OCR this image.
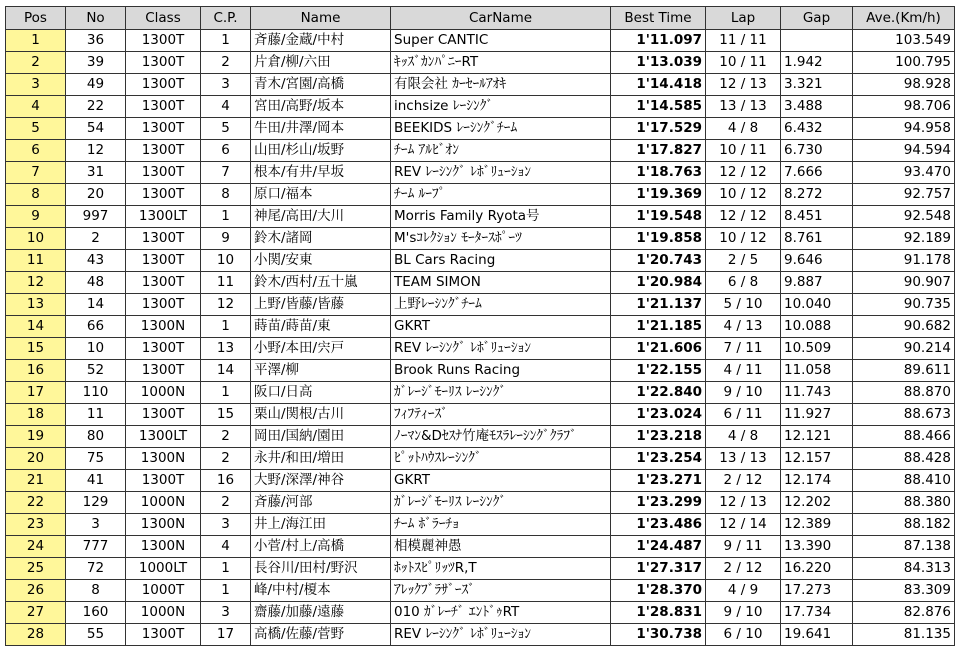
Pos	No	Class	C.P.	Name	CarName	Best Time	Lap	Gap	Ave.(Km/h)
1	36	1300T	1	斉藤/金蔵/中村	Super CANTIC	1'11.097	11 / 11		103.549
2	39	1300T	2	片倉/柳/六田	ｷｯｽﾞｶﾝﾊﾟﾆｰRT	1'13.039	10 / 11	1.942	100.795
3	49	1300T	3	青木/宮園/高橋	有限会社 ｶｰｾｰﾙｱｵｷ	1'14.418	12 / 13	3.321	98.928
4	22	1300T	4	宮田/高野/坂本	inchsize ﾚｰｼﾝｸﾞ	1'14.585	13 / 13	3.488	98.706
5	54	1300T	5	牛田/井澤/岡本	BEEKIDS ﾚｰｼﾝｸﾞﾁｰﾑ	1'17.529	4 / 8	6.432	94.958
6	12	1300T	6	山田/杉山/坂野	ﾁｰﾑ ｱﾙﾋﾞｵﾝ	1'17.827	10 / 11	6.730	94.594
7	31	1300T	7	根本/有井/早坂	REV ﾚｰｼﾝｸﾞ ﾚﾎﾞﾘｭｰｼｮﾝ	1'18.763	12 / 12	7.666	93.470
8	20	1300T	8	原口/福本	ﾁｰﾑ ﾙｰﾌﾟ	1'19.369	10 / 12	8.272	92.757
9	997	1300LT	1	神尾/高田/大川	Morris Family Ryota号	1'19.548	12 / 12	8.451	92.548
10	2	1300T	9	鈴木/諸岡	M'sｺﾚｸｼｮﾝ ﾓｰﾀｰｽﾎﾟｰﾂ	1'19.858	10 / 12	8.761	92.189
11	43	1300T	10	小関/安東	BL Cars Racing	1'20.743	2 / 5	9.646	91.178
12	48	1300T	11	鈴木/西村/五十嵐	TEAM SIMON	1'20.984	6 / 8	9.887	90.907
13	14	1300T	12	上野/皆藤/皆藤	上野ﾚｰｼﾝｸﾞﾁｰﾑ	1'21.137	5 / 10	10.040	90.735
14	66	1300N	1	蒔苗/蒔苗/東	GKRT	1'21.185	4 / 13	10.088	90.682
15	10	1300T	13	小野/本田/宍戸	REV ﾚｰｼﾝｸﾞ ﾚﾎﾞﾘｭｰｼｮﾝ	1'21.606	7 / 11	10.509	90.214
16	52	1300T	14	平澤/柳	Brook Runs Racing	1'22.155	4 / 11	11.058	89.611
17	110	1000N	1	阪口/日高	ｶﾞﾚｰｼﾞﾓｰﾘｽ ﾚｰｼﾝｸﾞ	1'22.840	9 / 10	11.743	88.870
18	11	1300T	15	栗山/関根/古川	ﾌｨﾌﾃｨｰｽﾞ	1'23.024	6 / 11	11.927	88.673
19	80	1300LT	2	岡田/国納/園田	ﾉｰﾏﾝ&Dｾｽﾅ竹庵ﾓｽﾗﾚｰｼﾝｸﾞｸﾗﾌﾞ	1'23.218	4 / 8	12.121	88.466
20	75	1300N	2	永井/和田/増田	ﾋﾟｯﾄﾊｳｽﾚｰｼﾝｸﾞ	1'23.254	13 / 13	12.157	88.428
21	41	1300T	16	大野/深澤/神谷	GKRT	1'23.271	2 / 12	12.174	88.410
22	129	1000N	2	斉藤/河部	ｶﾞﾚｰｼﾞﾓｰﾘｽ ﾚｰｼﾝｸﾞ	1'23.299	12 / 13	12.202	88.380
23	3	1300N	3	井上/海江田	ﾁｰﾑ ﾎﾞﾗｰﾁｮ	1'23.486	12 / 14	12.389	88.182
24	777	1300N	4	小菅/村上/高橋	相模麗神愚	1'24.487	9 / 11	13.390	87.138
25	72	1000LT	1	長谷川/田村/野沢	ﾎｯﾄｽﾋﾟﾘｯﾂR,T	1'27.317	2 / 12	16.220	84.313
26	8	1000T	1	峰/中村/榎本	ｱﾚｯｸﾌﾞﾗｻﾞｰｽﾞ	1'28.370	4 / 9	17.273	83.309
27	160	1000N	3	齋藤/加藤/遠藤	010 ｶﾞﾚｰﾁﾞ ｴﾝﾄﾞｩRT	1'28.831	9 / 10	17.734	82.876
28	55	1300T	17	高橋/佐藤/菅野	REV ﾚｰｼﾝｸﾞ ﾚﾎﾞﾘｭｰｼｮﾝ	1'30.738	6 / 10	19.641	81.135
